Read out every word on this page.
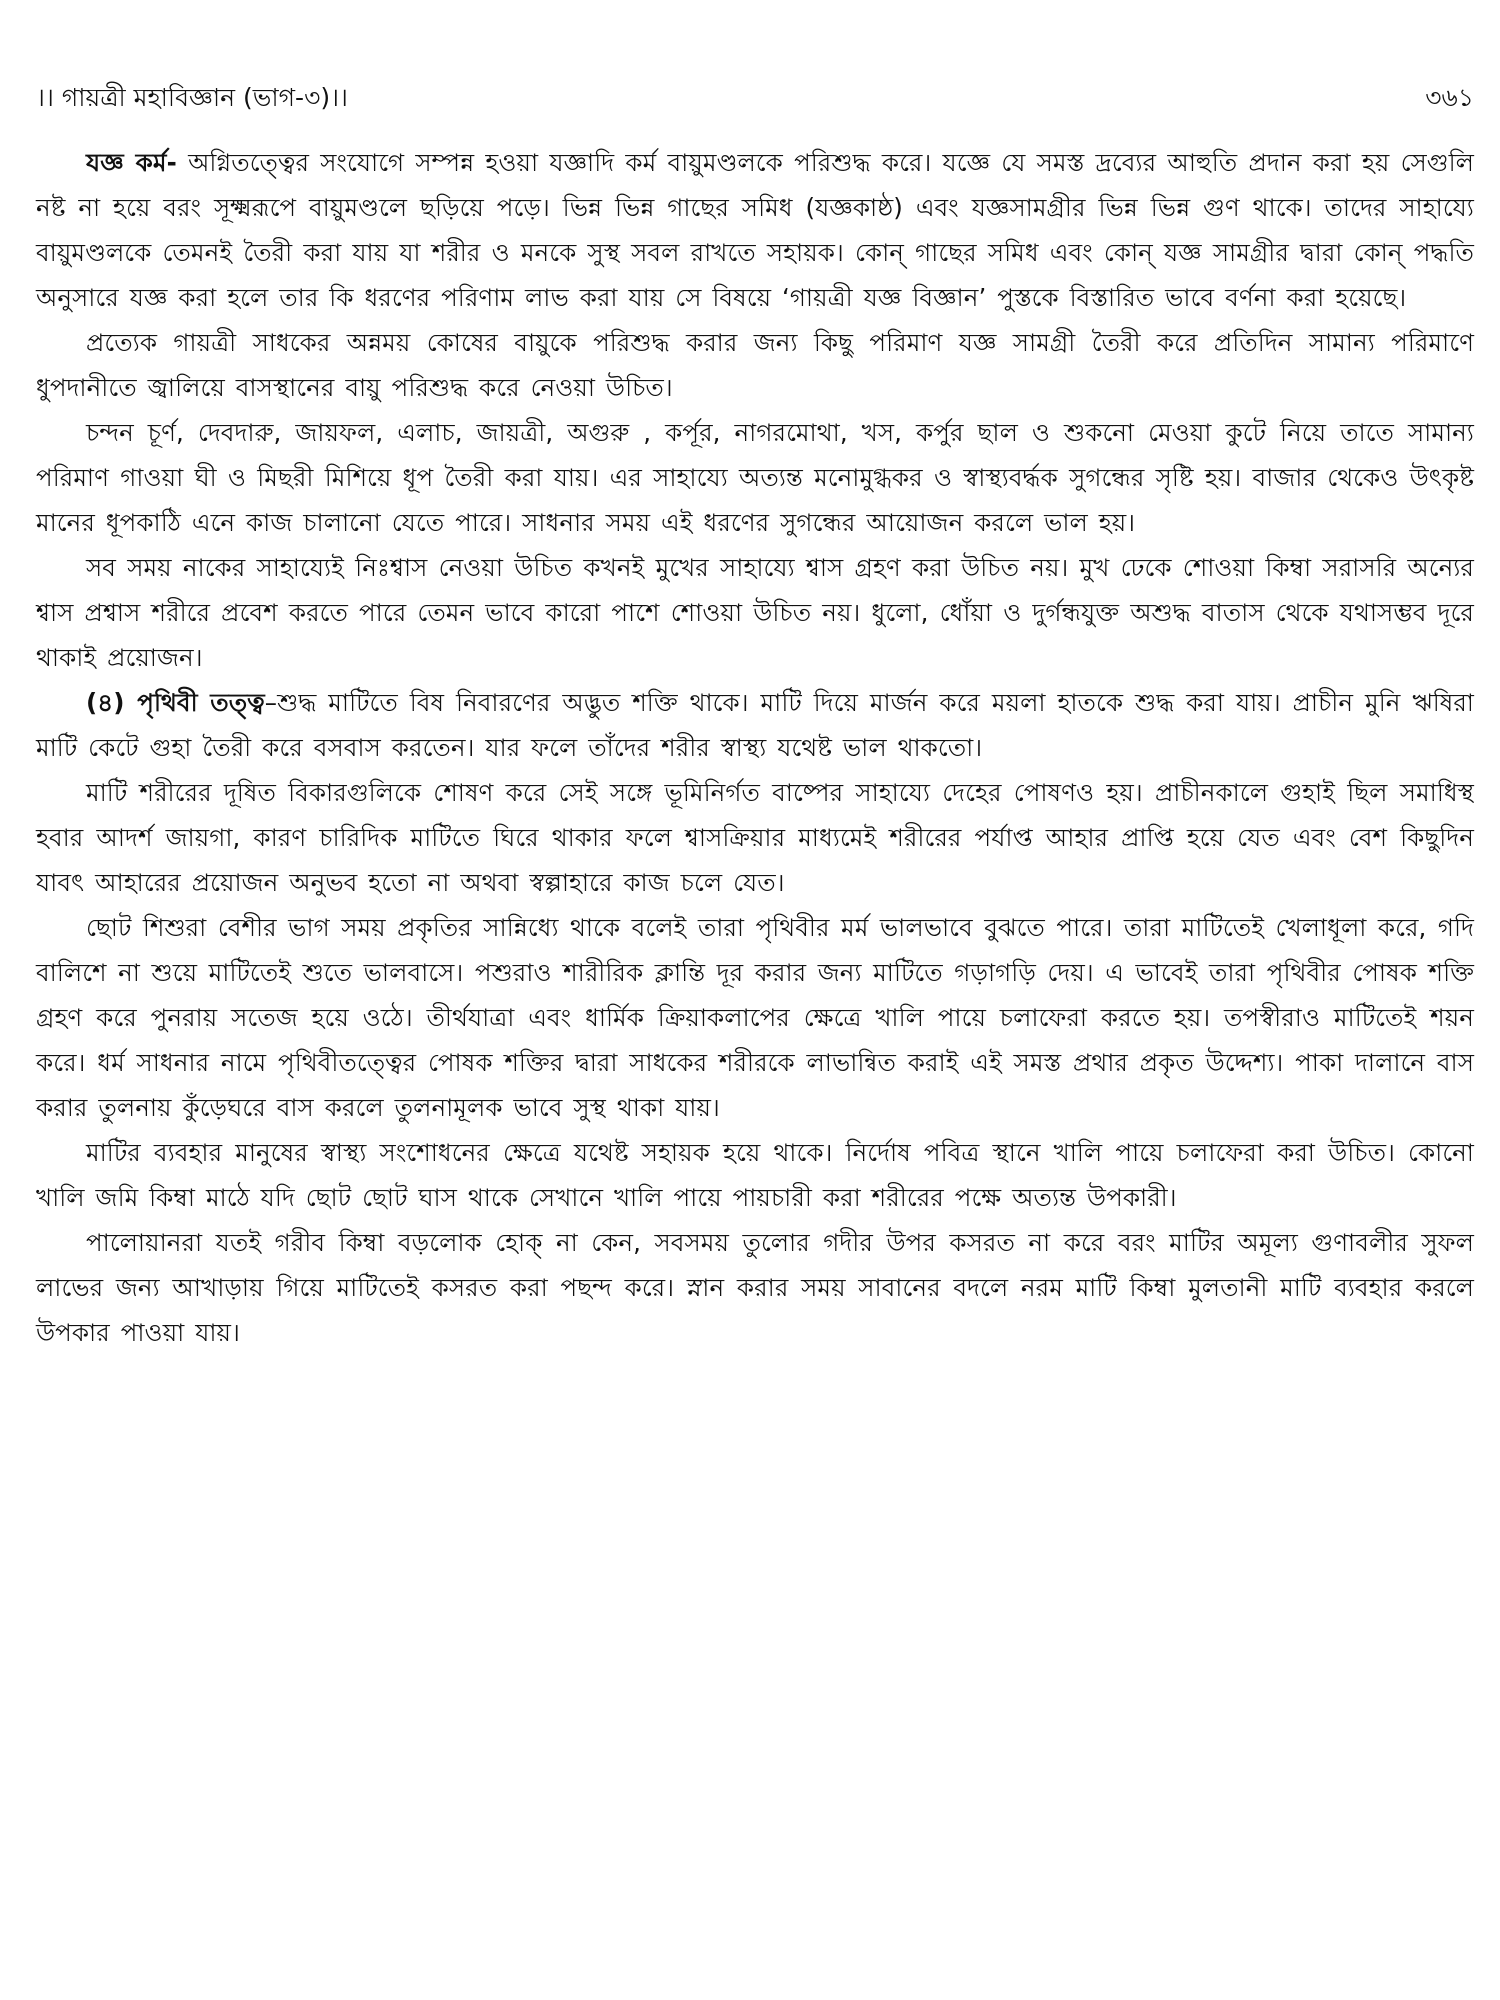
।। গায়ত্রী মহাবিজ্ঞান (ভাগ-৩)।।	৩৬১

যজ্ঞ কর্ম- অগ্নিতত্ত্বের সংযোগে সম্পন্ন হওয়া যজ্ঞাদি কর্ম বায়ুমণ্ডলকে পরিশুদ্ধ করে। যজ্ঞে যে সমস্ত দ্রব্যের আহুতি প্রদান করা হয় সেগুলি নষ্ট না হয়ে বরং সূক্ষ্মরূপে বায়ুমণ্ডলে ছড়িয়ে পড়ে। ভিন্ন ভিন্ন গাছের সমিধ (যজ্ঞকাষ্ঠ) এবং যজ্ঞসামগ্রীর ভিন্ন ভিন্ন গুণ থাকে। তাদের সাহায্যে বায়ুমণ্ডলকে তেমনই তৈরী করা যায় যা শরীর ও মনকে সুস্থ সবল রাখতে সহায়ক। কোন্ গাছের সমিধ এবং কোন্ যজ্ঞ সামগ্রীর দ্বারা কোন্ পদ্ধতি অনুসারে যজ্ঞ করা হলে তার কি ধরণের পরিণাম লাভ করা যায় সে বিষয়ে ‘গায়ত্রী যজ্ঞ বিজ্ঞান’ পুস্তকে বিস্তারিত ভাবে বর্ণনা করা হয়েছে।

প্রত্যেক গায়ত্রী সাধকের অন্নময় কোষের বায়ুকে পরিশুদ্ধ করার জন্য কিছু পরিমাণ যজ্ঞ সামগ্রী তৈরী করে প্রতিদিন সামান্য পরিমাণে ধুপদানীতে জ্বালিয়ে বাসস্থানের বায়ু পরিশুদ্ধ করে নেওয়া উচিত।

চন্দন চূর্ণ, দেবদারু, জায়ফল, এলাচ, জায়ত্রী, অগুরু , কর্পূর, নাগরমোথা, খস, কর্পুর ছাল ও শুকনো মেওয়া কুটে নিয়ে তাতে সামান্য পরিমাণ গাওয়া ঘী ও মিছরী মিশিয়ে ধূপ তৈরী করা যায়। এর সাহায্যে অত্যন্ত মনোমুগ্ধকর ও স্বাস্থ্যবর্দ্ধক সুগন্ধের সৃষ্টি হয়। বাজার থেকেও উৎকৃষ্ট মানের ধূপকাঠি এনে কাজ চালানো যেতে পারে। সাধনার সময় এই ধরণের সুগন্ধের আয়োজন করলে ভাল হয়।

সব সময় নাকের সাহায্যেই নিঃশ্বাস নেওয়া উচিত কখনই মুখের সাহায্যে শ্বাস গ্রহণ করা উচিত নয়। মুখ ঢেকে শোওয়া কিম্বা সরাসরি অন্যের শ্বাস প্রশ্বাস শরীরে প্রবেশ করতে পারে তেমন ভাবে কারো পাশে শোওয়া উচিত নয়। ধুলো, ধোঁয়া ও দুর্গন্ধযুক্ত অশুদ্ধ বাতাস থেকে যথাসম্ভব দূরে থাকাই প্রয়োজন।

(৪) পৃথিবী তত্ত্ব–শুদ্ধ মাটিতে বিষ নিবারণের অদ্ভুত শক্তি থাকে। মাটি দিয়ে মার্জন করে ময়লা হাতকে শুদ্ধ করা যায়। প্রাচীন মুনি ঋষিরা মাটি কেটে গুহা তৈরী করে বসবাস করতেন। যার ফলে তাঁদের শরীর স্বাস্থ্য যথেষ্ট ভাল থাকতো।

মাটি শরীরের দূষিত বিকারগুলিকে শোষণ করে সেই সঙ্গে ভূমিনির্গত বাষ্পের সাহায্যে দেহের পোষণও হয়। প্রাচীনকালে গুহাই ছিল সমাধিস্থ হবার আদর্শ জায়গা, কারণ চারিদিক মাটিতে ঘিরে থাকার ফলে শ্বাসক্রিয়ার মাধ্যমেই শরীরের পর্যাপ্ত আহার প্রাপ্তি হয়ে যেত এবং বেশ কিছুদিন যাবৎ আহারের প্রয়োজন অনুভব হতো না অথবা স্বল্পাহারে কাজ চলে যেত।

ছোট শিশুরা বেশীর ভাগ সময় প্রকৃতির সান্নিধ্যে থাকে বলেই তারা পৃথিবীর মর্ম ভালভাবে বুঝতে পারে। তারা মাটিতেই খেলাধূলা করে, গদি বালিশে না শুয়ে মাটিতেই শুতে ভালবাসে। পশুরাও শারীরিক ক্লান্তি দূর করার জন্য মাটিতে গড়াগড়ি দেয়। এ ভাবেই তারা পৃথিবীর পোষক শক্তি গ্রহণ করে পুনরায় সতেজ হয়ে ওঠে। তীর্থযাত্রা এবং ধার্মিক ক্রিয়াকলাপের ক্ষেত্রে খালি পায়ে চলাফেরা করতে হয়। তপস্বীরাও মাটিতেই শয়ন করে। ধর্ম সাধনার নামে পৃথিবীতত্ত্বের পোষক শক্তির দ্বারা সাধকের শরীরকে লাভান্বিত করাই এই সমস্ত প্রথার প্রকৃত উদ্দেশ্য। পাকা দালানে বাস করার তুলনায় কুঁড়েঘরে বাস করলে তুলনামূলক ভাবে সুস্থ থাকা যায়।

মাটির ব্যবহার মানুষের স্বাস্থ্য সংশোধনের ক্ষেত্রে যথেষ্ট সহায়ক হয়ে থাকে। নির্দোষ পবিত্র স্থানে খালি পায়ে চলাফেরা করা উচিত। কোনো খালি জমি কিম্বা মাঠে যদি ছোট ছোট ঘাস থাকে সেখানে খালি পায়ে পায়চারী করা শরীরের পক্ষে অত্যন্ত উপকারী।

পালোয়ানরা যতই গরীব কিম্বা বড়লোক হোক্ না কেন, সবসময় তুলোর গদীর উপর কসরত না করে বরং মাটির অমূল্য গুণাবলীর সুফল লাভের জন্য আখাড়ায় গিয়ে মাটিতেই কসরত করা পছন্দ করে। স্নান করার সময় সাবানের বদলে নরম মাটি কিম্বা মুলতানী মাটি ব্যবহার করলে উপকার পাওয়া যায়।
